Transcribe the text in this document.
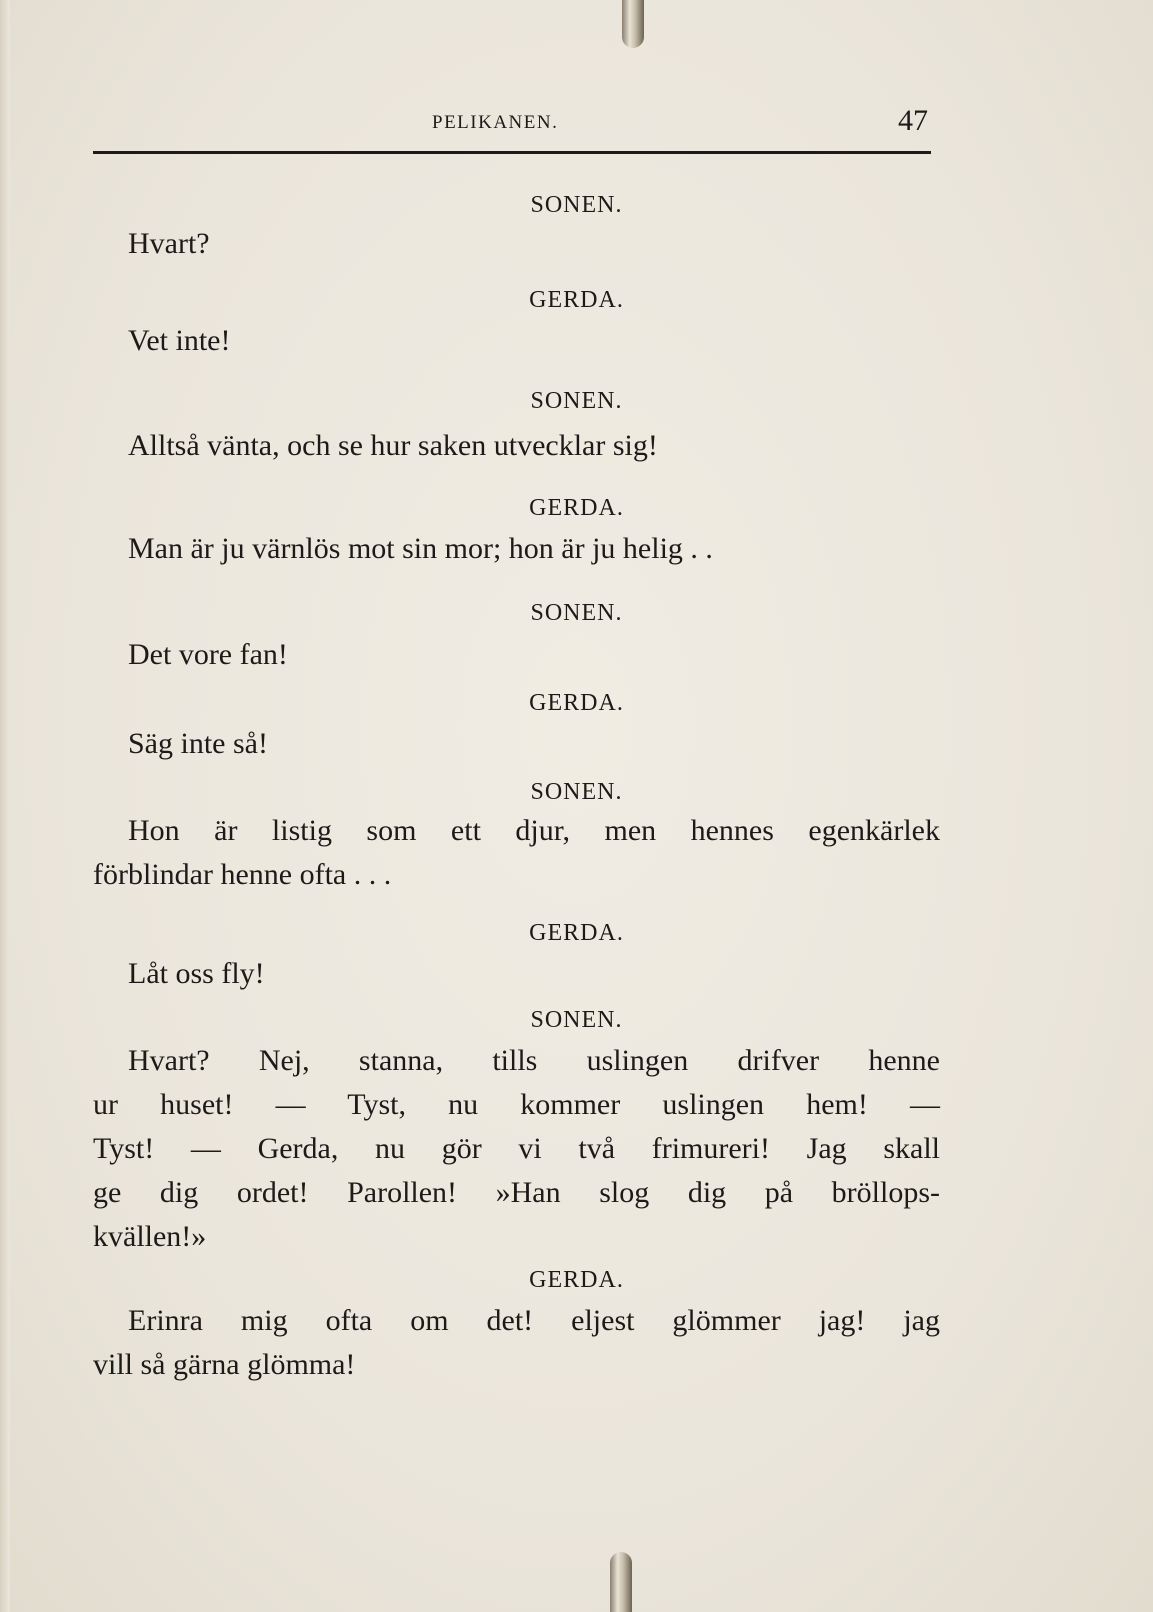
PELIKANEN.	47
SONEN.
Hvart?
GERDA.
Vet inte!
SONEN.
Alltså vänta, och se hur saken utvecklar sig!
GERDA.
Man är ju värnlös mot sin mor; hon är ju helig . .
SONEN.
Det vore fan!
GERDA.
Säg inte så!
SONEN.
Hon är listig som ett djur, men hennes egenkärlek
förblindar henne ofta . . .
GERDA.
Låt oss fly!
SONEN.
Hvart? Nej, stanna, tills uslingen drifver henne
ur huset! — Tyst, nu kommer uslingen hem! —
Tyst! — Gerda, nu gör vi två frimureri! Jag skall
ge dig ordet! Parollen! »Han slog dig på bröllops-
kvällen!»
GERDA.
Erinra mig ofta om det! eljest glömmer jag! jag
vill så gärna glömma!
